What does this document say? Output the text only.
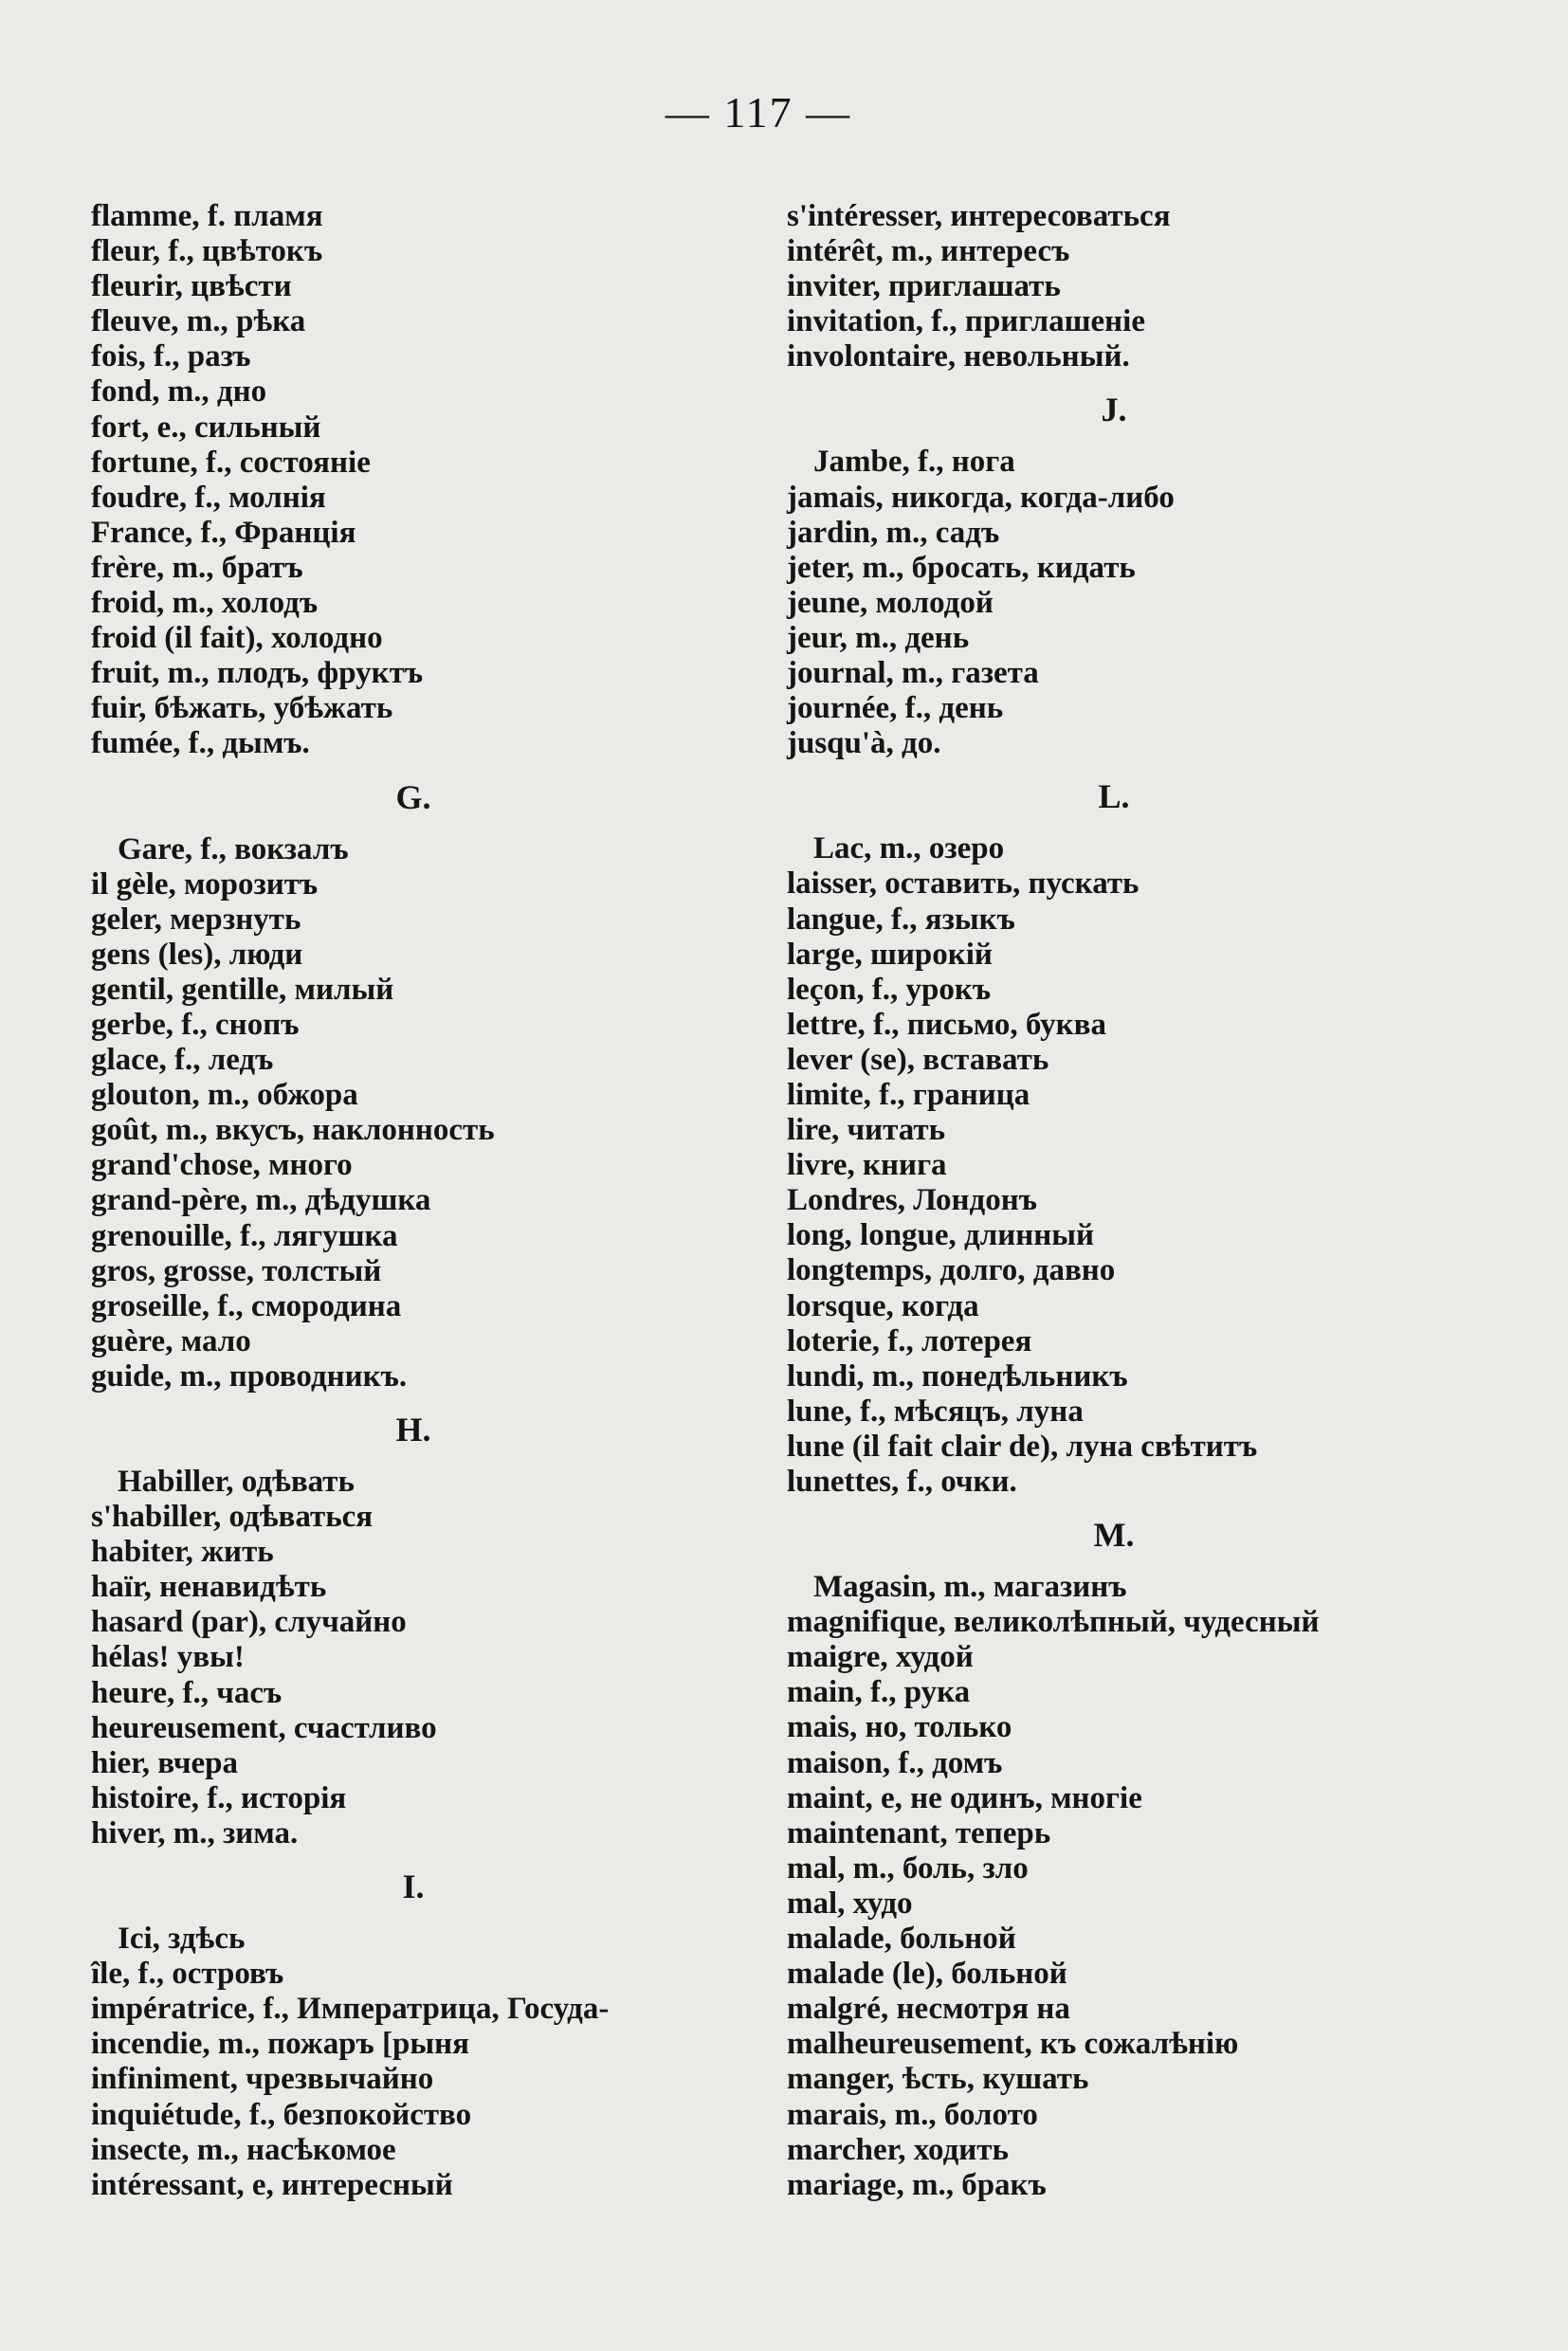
— 117 —
flamme, f. пламя
fleur, f., цвѣтокъ
fleurir, цвѣсти
fleuve, m., рѣка
fois, f., разъ
fond, m., дно
fort, e., сильный
fortune, f., состояніе
foudre, f., молнія
France, f., Франція
frère, m., братъ
froid, m., холодъ
froid (il fait), холодно
fruit, m., плодъ, фруктъ
fuir, бѣжать, убѣжать
fumée, f., дымъ.
G.
Gare, f., вокзалъ
il gèle, морозитъ
geler, мерзнуть
gens (les), люди
gentil, gentille, милый
gerbe, f., снопъ
glace, f., ледъ
glouton, m., обжора
goût, m., вкусъ, наклонность
grand'chose, много
grand-père, m., дѣдушка
grenouille, f., лягушка
gros, grosse, толстый
groseille, f., смородина
guère, мало
guide, m., проводникъ.
H.
Habiller, одѣвать
s'habiller, одѣваться
habiter, жить
haïr, ненавидѣть
hasard (par), случайно
hélas! увы!
heure, f., часъ
heureusement, счастливо
hier, вчера
histoire, f., исторія
hiver, m., зима.
I.
Ici, здѣсь
île, f., островъ
impératrice, f., Императрица, Госуда-
incendie, m., пожаръ [рыня
infiniment, чрезвычайно
inquiétude, f., безпокойство
insecte, m., насѣкомое
intéressant, e, интересный
s'intéresser, интересоваться
intérêt, m., интересъ
inviter, приглашать
invitation, f., приглашеніе
involontaire, невольный.
J.
Jambe, f., нога
jamais, никогда, когда-либо
jardin, m., садъ
jeter, m., бросать, кидать
jeune, молодой
jeur, m., день
journal, m., газета
journée, f., день
jusqu'à, до.
L.
Lac, m., озеро
laisser, оставить, пускать
langue, f., языкъ
large, широкій
leçon, f., урокъ
lettre, f., письмо, буква
lever (se), вставать
limite, f., граница
lire, читать
livre, книга
Londres, Лондонъ
long, longue, длинный
longtemps, долго, давно
lorsque, когда
loterie, f., лотерея
lundi, m., понедѣльникъ
lune, f., мѣсяцъ, луна
lune (il fait clair de), луна свѣтитъ
lunettes, f., очки.
M.
Magasin, m., магазинъ
magnifique, великолѣпный, чудесный
maigre, худой
main, f., рука
mais, но, только
maison, f., домъ
maint, e, не одинъ, многіе
maintenant, теперь
mal, m., боль, зло
mal, худо
malade, больной
malade (le), больной
malgré, несмотря на
malheureusement, къ сожалѣнію
manger, ѣсть, кушать
marais, m., болото
marcher, ходить
mariage, m., бракъ
